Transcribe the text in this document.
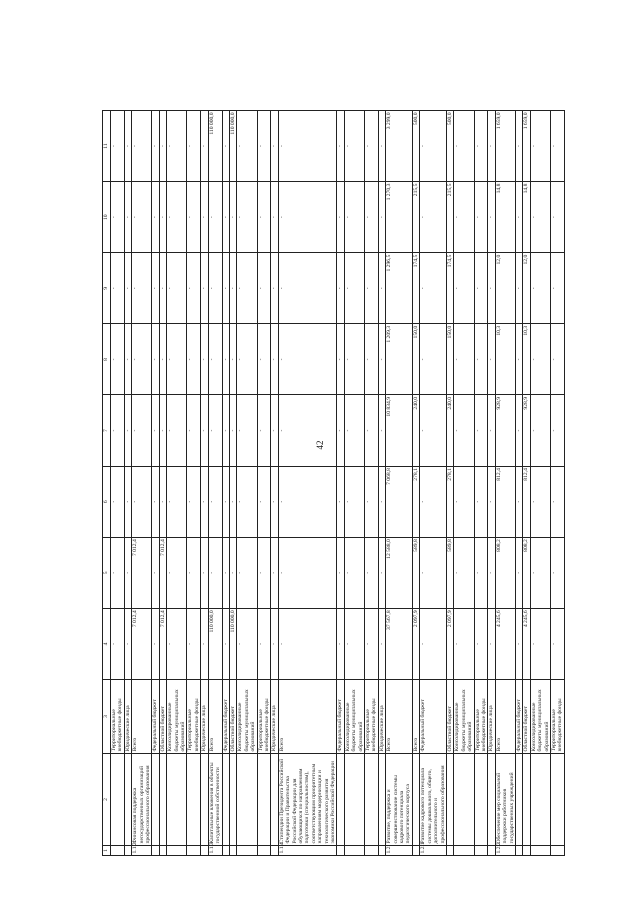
42
1	2	3	4	5	6	7	8	9	10	11
		Территориальные внебюджетные фонды	-	-	-	-	-	-	-	-
		Юридические лица	-	-	-	-	-	-	-	-
1.1.2	Финансовая поддержка негосударственных организаций профессионального образования	Всего	7 012,4	7 012,4	-	-	-	-	-	-
		Федеральный бюджет	-	-	-	-	-	-	-	-
		Областной бюджет	7 012,4	7 012,4	-	-	-	-	-	-
		Консолидированные бюджеты муниципальных образований	-	-	-	-	-	-	-	-
		Территориальные внебюджетные фонды	-	-	-	-	-	-	-	-
		Юридические лица	-	-	-	-	-	-	-	-
1.1.3	Капитальные вложения в объекты государственной собственности	Всего	110 000,0	-	-	-	-	-	-	110 000,0
		Федеральный бюджет	-	-	-	-	-	-	-	-
		Областной бюджет	110 000,0	-	-	-	-	-	-	110 000,0
		Консолидированные бюджеты муниципальных образований	-	-	-	-	-	-	-	-
		Территориальные внебюджетные фонды	-	-	-	-	-	-	-	-
		Юридические лица	-	-	-	-	-	-	-	-
1.1.4	Стипендии Президента Российской Федерации и Правительства Российской Федерации для обучающихся по направлениям подготовки (специальностям), соответствующим приоритетным направлениям модернизации и технологического развития экономики Российской Федерации	Всего	-	-	-	-	-	-	-	-
		Федеральный бюджет	-	-	-	-	-	-	-	-
		Консолидированные бюджеты муниципальных образований	-	-	-	-	-	-	-	-
		Территориальные внебюджетные фонды	-	-	-	-	-	-	-	-
		Юридические лица	-	-	-	-	-	-	-	-
1.2	Развитие, поддержка и совершенствование системы кадрового потенциала педагогического корпуса	Всего	37 567,8	12 588,0	7 068,8	10 834,9	1 209,3	1 296,5	1 270,3	3 299,0
		Всего	2 097,9	589,8	278,1	240,0	150,0	174,5	215,5	500,0
1.2.1	Развитие кадрового потенциала системы дошкольного, общего, дополнительного и профессионального образования	Федеральный бюджет	-	-	-	-	-	-	-	-
		Областной бюджет	2 097,9	589,8	278,1	240,0	150,0	174,5	215,5	500,0
		Консолидированные бюджеты муниципальных образований	-	-	-	-	-	-	-	-
		Территориальные внебюджетные фонды	-	-	-	-	-	-	-	-
		Юридические лица	-	-	-	-	-	-	-	-
1.2.2	Обеспечение мер социальной поддержки работников государственных учреждений	Всего	4 245,6	808,2	812,4	928,9	10,3	12,0	14,8	1 659,0
		Федеральный бюджет	-	-	-	-	-	-	-	-
		Областной бюджет	4 245,6	808,2	812,4	928,9	10,3	12,0	14,8	1 659,0
		Консолидированные бюджеты муниципальных образований	-	-	-	-	-	-	-	-
		Территориальные внебюджетные фонды	-	-	-	-	-	-	-	-
